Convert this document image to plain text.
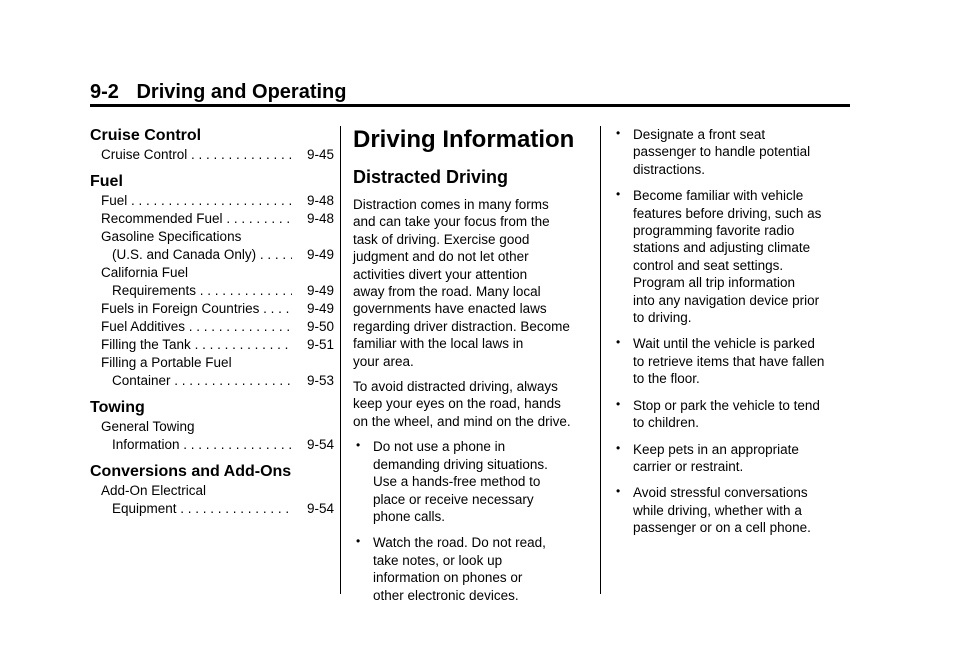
9-2 Driving and Operating
Cruise Control
Cruise Control . . .	9-45
Fuel
Fuel . . .	9-48
Recommended Fuel . . .	9-48
Gasoline Specifications
(U.S. and Canada Only) . . .	9-49
California Fuel
Requirements . . .	9-49
Fuels in Foreign Countries . . .	9-49
Fuel Additives . . .	9-50
Filling the Tank . . .	9-51
Filling a Portable Fuel
Container . . .	9-53
Towing
General Towing
Information . . .	9-54
Conversions and Add-Ons
Add-On Electrical
Equipment . . .	9-54
Driving Information
Distracted Driving

Distraction comes in many forms
and can take your focus from the
task of driving. Exercise good
judgment and do not let other
activities divert your attention
away from the road. Many local
governments have enacted laws
regarding driver distraction. Become
familiar with the local laws in
your area.

To avoid distracted driving, always
keep your eyes on the road, hands
on the wheel, and mind on the drive.

• Do not use a phone in
demanding driving situations.
Use a hands-free method to
place or receive necessary
phone calls.
• Watch the road. Do not read,
take notes, or look up
information on phones or
other electronic devices.
• Designate a front seat
passenger to handle potential
distractions.
• Become familiar with vehicle
features before driving, such as
programming favorite radio
stations and adjusting climate
control and seat settings.
Program all trip information
into any navigation device prior
to driving.
• Wait until the vehicle is parked
to retrieve items that have fallen
to the floor.
• Stop or park the vehicle to tend
to children.
• Keep pets in an appropriate
carrier or restraint.
• Avoid stressful conversations
while driving, whether with a
passenger or on a cell phone.
